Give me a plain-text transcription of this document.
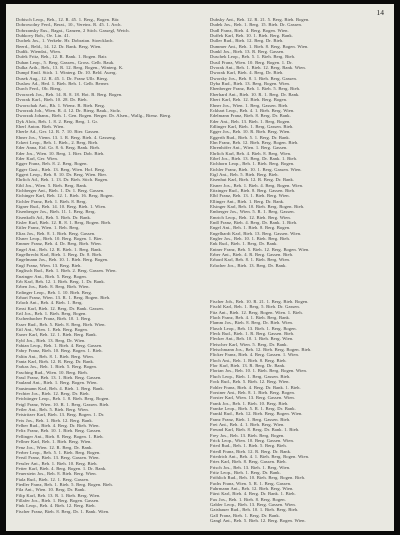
14

Dobisch Leop., Beh., 12. R. 45. 1. Berg., Bogen. Bär.

Dobrowolny Ferd., Berat., 10., Vereins. R. 45. 1. Arch.

Dobrzansky Eus., Bagat., Ganzen, 2 Stich. Gassegl, Weich.

Dubkovy Boh., Oe. Lin. 41.

Duchek Jos., 1. Verkehr. Hr. Dobratan. Stoecklach.

Beerd., Beld., 14. 12. Dr. Bank. Berg. Wien.

Dudik. Wiendat., Wien.

Dufek Fritz, Beh., 12. R. Bank. 1. Bogen. Bair.

Duhan Leop., 5. Berg. Gassen., Gross. Gelb. Bauk.

Dulka Arth., Beh., 13. R. 12. Berg. Bogen., Winterg. K.

Dumpf Emil. Stich. 1. Winterg. Dr. 10. Beld. Auerg.

Dusek Aug., 12. R. 45. 1. Dr. Franz Ullr. Bierg.

Duslaw Ad., Hed. 1. Bieh. Beh. 1. Gelb. Berner.

Durch Ferd., Ob. Bierg.

Dvoracek Jos., Beh. 14. R. 8. 18. Hot. B. Berg. Bogen.

Dvorak Karl., Bieh. 10. 28. Dr. Bieh.

Dworschak Ant., Bh. 1. Wienz. B. Bieh. Berg.

Dworzak Joh., Wien. R. 4. 12. Dr. Bierg. Bauk., Stolz.

Dworzak Johann., Bieh. 1. Gen. Bogen. Berger. Dr. Alsen., Wallg., Bienz. Bierg.

Dyk Alois, Beh. 1. 8. 2. Berg. Berg. 1. Gr.

Eberl Anton. Bieh. Wien.

Eberle Ad., Ger. 12. R. 7. 10. Bier. Gassen.

Ebner Jos., Vienn. 13. 1. R. Berg. Bieh. 4. Gasseng.

Eckert Leop., Beh. 1. Bieh., 2. Berg. Bieh.

Eder Anna, Eid. Gr. 8. 6. Berg. Bank. Bieh.

Eder Jos., Wien. 10. Berg. 1. Bier. Dob. Bieh.

Eder Karl, Ger. Wien.

Egger Franz, Beh. 8. 2. Berg. Bogen.

Egger Gust., Bieh. 13. Berg. Wien. Hof. Berg.

Eggert Leop., Beh. 8. 10. Dr. Berg. Wien. Bier.

Ehrlich Ad., Beh. 1. 13. Dr. Bieh. Stich. Bogen.

Eibl Jos., Wien. 5. Bieh. Berg. Bank.

Eichberger Ant., Bieh. 1. Dr. 1. Berg. Gassen.

Eichinger Karl, Beh. 12. 1. Bieh. 16. Berg. Bogen.

Eichler Franz, Beh. 1. Bieh. 8. Berg.

Eigner Rud., Beh. 14. 10. Berg. Bieh. 1. Wien.

Eisenberger Jos., Bieh. 11. 1. Berg. Berg.

Eisenkolb Ad., Beh. 5. Bieh. Dr. Bank.

Eisler Karl, Bieh. 12. R. 8. 1. Berg. Bogen. Bieh.

Eitler Franz, Wien. 1. Beh. Berg.

Elias Jos., Beh. 8. 1. Bieh. Berg. Gassen.

Elsner Leop., Bieh. 10. Berg. Bogen. 1. Bier.

Emmer Franz, Beh. 4. Dr. Berg. Bieh. Wien.

Engel Ant., Beh. 12. R. Bieh. 1. Berg. Bank.

Engelbrecht Karl, Bieh. 1. Berg. Dr. 8. Bieh.

Engelmann Jos., Beh. 10. 1. Bieh. Berg. Bogen.

Engl Franz, Wien. 13. Berg. Bieh.

Englisch Rud., Beh. 1. Bieh. 2. Berg. Gassen. Wien.

Enzinger Ant., Bieh. 5. Berg. Bogen.

Erb Karl, Beh. 12. 1. Bieh. Berg. 1. Dr. Bank.

Erben Jos., Bieh. 8. Berg. Bieh. Wien.

Erdinger Leop., Beh. 1. 10. Bieh. Berg.

Erhart Franz, Wien. 13. R. 1. Berg. Bogen. Bieh.

Erlach Ant., Beh. 4. Bieh. 1. Berg.

Ernst Karl, Bieh. 12. Berg. Dr. Bank. Gassen.

Ertl Jos., Beh. 1. Bieh. Berg. Bogen.

Eschenbacher Franz, Bieh. 10. 1. Berg.

Esser Rud., Beh. 5. Bieh. 8. Berg. Bieh. Wien.

Ettl Ant., Wien. 1. Beh. Berg. Bogen.

Exner Karl, Beh. 12. 1. Bieh. Berg. Bank.

Eybl Jos., Bieh. 13. Berg. Dr. Wien.

Fabian Leop., Beh. 1. Bieh. 4. Berg. Gassen.

Fabry Franz, Bieh. 10. Berg. Bogen. 1. Bieh.

Faltin Ant., Beh. 8. 1. Bieh. Berg. Wien.

Fanta Karl, Bieh. 12. R. Berg. Dr. Bank.

Farkas Jos., Beh. 1. Bieh. 5. Berg. Bogen.

Fasching Rud., Wien. 10. Berg. Bieh.

Fassl Franz, Beh. 13. 1. Bieh. Berg. Gassen.

Fauland Ant., Bieh. 1. Berg. Bogen. Wien.

Faustmann Karl, Beh. 4. Bieh. 1. Berg. Bank.

Fechter Jos., Bieh. 12. Berg. Dr. Bieh.

Feichtinger Leop., Beh. 1. 8. Bieh. Berg. Bogen.

Feigl Franz, Wien. 10. R. 1. Berg. Gassen. Bieh.

Feiler Ant., Beh. 5. Bieh. Berg. Wien.

Feistritzer Karl, Bieh. 13. Berg. Bogen. 1. Dr.

Feix Jos., Beh. 1. Bieh. 12. Berg. Bank.

Felber Rud., Bieh. 4. Berg. Dr. Bieh. Wien.

Felix Franz, Beh. 10. 1. Bieh. Berg. Gassen.

Fellinger Ant., Bieh. 8. Berg. Bogen. 1. Bieh.

Fellner Karl, Beh. 1. Bieh. Berg. Wien.

Fenz Jos., Wien. 12. R. Berg. Dr. Bank.

Ferber Leop., Beh. 5. 1. Bieh. Berg. Bogen.

Ferstl Franz, Bieh. 13. Berg. Gassen. Wien.

Fessler Ant., Beh. 1. Bieh. 10. Berg. Bieh.

Fetter Karl, Bieh. 4. Berg. Bogen. 1. Dr. Bank.

Feuerstein Jos., Beh. 8. Bieh. Berg. Wien.

Fiala Rud., Bieh. 12. 1. Berg. Gassen.

Fiedler Franz, Beh. 1. Bieh. 5. Berg. Bogen. Bieh.

Fila Ant., Wien. 10. Berg. Dr. Bank.

Filip Karl, Beh. 13. R. 1. Bieh. Berg. Wien.

Fillafer Jos., Bieh. 1. Berg. Bogen. Gassen.

Fink Leop., Beh. 4. Bieh. 12. Berg. Bieh.

Fischer Franz, Bieh. 8. Berg. Dr. 1. Bank. Wien.

Dubsky Ant., Beh. 12. R. 21. 5. Berg. Bieh. Bogen.

Dudek Jos., Beh. 1. Berg. 15. Bieh. Dr. Gassen.

Dudl Franz, Bieh. 4. Berg. Bogen. Wien.

Duffek Karl, Beh. 10. 1. Bieh. Berg. Bank.

Duller Rud., Bieh. 12. Berg. Dr. Bieh.

Dummer Ant., Beh. 1. Bieh. 8. Berg. Bogen. Wien.

Dunkl Jos., Bieh. 13. R. Berg. Gassen.

Duschek Leop., Beh. 5. 1. Bieh. Berg. Bieh.

Dusil Franz, Wien. 10. Berg. Bogen. 1. Dr.

Dvorak Ant., Beh. 1. Bieh. 12. Berg. Bank. Wien.

Dworak Karl, Bieh. 4. Berg. Dr. Bieh.

Dworsky Jos., Beh. 8. 1. Bieh. Berg. Gassen.

Dyba Rud., Bieh. 13. Berg. Bogen. Wien.

Ebenberger Franz, Beh. 1. Bieh. 5. Berg. Bieh.

Eberhard Ant., Bieh. 10. R. 1. Berg. Dr. Bank.

Ebert Karl, Beh. 12. Bieh. Berg. Bogen.

Ebner Jos., Wien. 1. Berg. Gassen. Bieh.

Eckhart Leop., Beh. 4. 1. Bieh. Berg. Wien.

Edelmann Franz, Bieh. 8. Berg. Dr. Bank.

Eder Ant., Beh. 13. Bieh. 1. Berg. Bogen.

Edlinger Karl, Bieh. 1. Berg. Gassen. Bieh.

Egger Jos., Beh. 10. R. Bieh. Berg. Wien.

Eggerth Rud., Bieh. 5. 1. Berg. Dr. Bank.

Ehn Franz, Beh. 12. Bieh. Berg. Bogen. Bieh.

Ehrenhöfer Ant., Wien. 1. Berg. Gassen.

Ehrlich Karl, Beh. 4. Bieh. 8. Berg. Wien.

Eibel Jos., Bieh. 13. Berg. Dr. Bank. 1. Bieh.

Eichhorn Leop., Beh. 1. Bieh. Berg. Bogen.

Eichler Franz, Bieh. 10. 1. Berg. Gassen. Wien.

Eigl Ant., Beh. 5. Bieh. Berg. Bieh.

Eisenhut Karl, Bieh. 12. R. Berg. Dr. Bank.

Eisner Jos., Beh. 1. Bieh. 4. Berg. Bogen. Wien.

Eitzinger Rud., Bieh. 8. Berg. Gassen. Bieh.

Elbl Franz, Beh. 13. 1. Bieh. Berg. Wien.

Ellinger Ant., Bieh. 1. Berg. Dr. Bank.

Elsinger Karl, Beh. 10. Bieh. Berg. Bogen. Bieh.

Emberger Jos., Wien. 5. R. 1. Berg. Gassen.

Emrich Leop., Beh. 12. Bieh. Berg. Wien.

Endl Franz, Bieh. 4. Berg. Dr. Bank. 1. Bieh.

Engel Ant., Beh. 1. Bieh. 8. Berg. Bogen.

Engelhardt Karl, Bieh. 13. Berg. Gassen. Wien.

Engler Jos., Beh. 10. 1. Bieh. Berg. Bieh.

Enk Rud., Bieh. 1. Berg. Dr. Bank.

Entner Franz, Beh. 5. Bieh. 12. Berg. Bogen. Wien.

Erber Ant., Bieh. 4. R. Berg. Gassen. Bieh.

Erhard Karl, Beh. 8. 1. Bieh. Berg. Wien.

Erlacher Jos., Bieh. 13. Berg. Dr. Bank.

Fischer Joh., Beh. 10. R. 21. 1. Berg. Bieh. Bogen.

Fischl Karl, Beh. 1. Berg. 5. Bieh. Dr. Gassen.

Fitz Ant., Bieh. 12. Berg. Bogen. Wien. 1. Bieh.

Flach Franz, Beh. 4. 1. Bieh. Berg. Bank.

Flamm Jos., Bieh. 8. Berg. Dr. Bieh. Wien.

Flasch Leop., Beh. 13. Bieh. 1. Berg. Bogen.

Fleck Rud., Bieh. 1. R. Berg. Gassen. Bieh.

Flecker Ant., Beh. 10. 1. Bieh. Berg. Wien.

Fleischer Karl, Wien. 5. Berg. Dr. Bank.

Fleischmann Jos., Beh. 12. Bieh. Berg. Bogen. Bieh.

Flicker Franz, Bieh. 4. Berg. Gassen. 1. Wien.

Floch Ant., Beh. 1. Bieh. 8. Berg. Bieh.

Flor Karl, Bieh. 13. R. Berg. Dr. Bank.

Florian Jos., Beh. 10. 1. Bieh. Berg. Bogen. Wien.

Fluch Leop., Bieh. 1. Berg. Gassen. Bieh.

Fock Rud., Beh. 5. Bieh. 12. Berg. Wien.

Fohler Franz, Bieh. 4. Berg. Dr. Bank. 1. Bieh.

Forstner Ant., Beh. 8. 1. Bieh. Berg. Bogen.

Forster Karl, Wien. 13. Berg. Gassen. Wien.

Frank Jos., Beh. 1. Bieh. 10. Berg. Bieh.

Franke Leop., Bieh. 5. R. 1. Berg. Dr. Bank.

Frankl Rud., Beh. 12. Bieh. Berg. Bogen. Wien.

Franz Franz, Bieh. 1. Berg. Gassen. Bieh.

Frei Ant., Beh. 4. 1. Bieh. Berg. Wien.

Freund Karl, Bieh. 8. Berg. Dr. Bank. 1. Bieh.

Frey Jos., Beh. 13. Bieh. Berg. Bogen.

Frick Leop., Wien. 10. Berg. Gassen. Wien.

Fried Rud., Beh. 1. Bieh. 5. Berg. Bieh.

Friedl Franz, Bieh. 12. R. Berg. Dr. Bank.

Friedrich Ant., Beh. 4. 1. Bieh. Berg. Bogen. Wien.

Fries Karl, Bieh. 8. Berg. Gassen. Bieh.

Frisch Jos., Beh. 13. Bieh. 1. Berg. Wien.

Fritz Leop., Bieh. 1. Berg. Dr. Bank.

Fröhlich Rud., Beh. 10. Bieh. Berg. Bogen. Bieh.

Fuchs Franz, Wien. 5. R. 1. Berg. Gassen.

Fuhrmann Ant., Beh. 12. Bieh. Berg. Wien.

Fürst Karl, Bieh. 4. Berg. Dr. Bank. 1. Bieh.

Fux Jos., Beh. 1. Bieh. 8. Berg. Bogen.

Gabler Leop., Bieh. 13. Berg. Gassen. Wien.

Gaisbauer Rud., Beh. 10. 1. Bieh. Berg. Bieh.

Gall Franz, Bieh. 1. Berg. Dr. Bank.

Gangl Ant., Beh. 5. Bieh. 12. Berg. Bogen. Wien.
